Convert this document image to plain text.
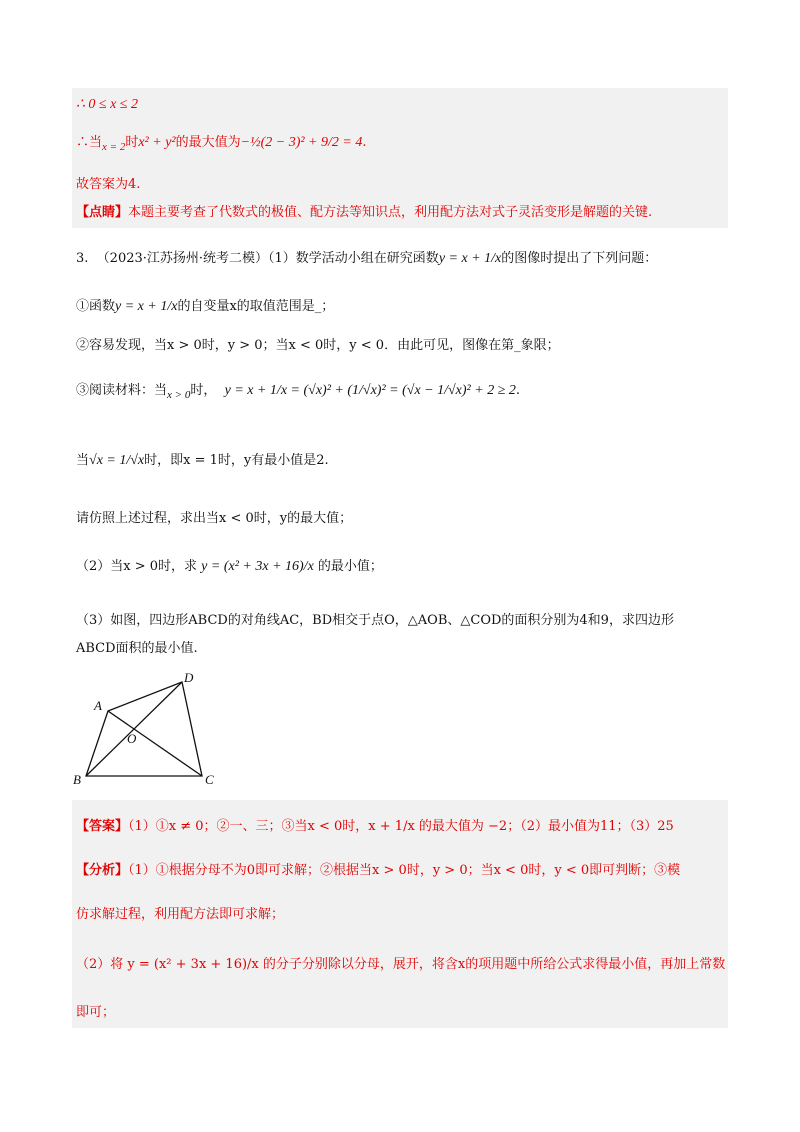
∴ 0 ≤ x ≤ 2
∴当$_{x = 2}$时x² + y²的最大值为−½(2 − 3)² + 9/2 = 4.
故答案为4.
【点睛】本题主要考查了代数式的极值、配方法等知识点，利用配方法对式子灵活变形是解题的关键.
3. （2023·江苏扬州·统考二模）（1）数学活动小组在研究函数y = x + 1/x的图像时提出了下列问题：
①函数y = x + 1/x的自变量x的取值范围是_；
②容易发现，当x > 0时，y > 0；当x < 0时，y < 0．由此可见，图像在第_象限；
③阅读材料：当$_{x > 0}$时， y = x + 1/x = (√x)² + (1/√x)² = (√x − 1/√x)² + 2 ≥ 2.
当√x = 1/√x时，即x = 1时，y有最小值是2.
请仿照上述过程，求出当x < 0时，y的最大值；
（2）当x > 0时，求 y = (x² + 3x + 16)/x 的最小值；
（3）如图，四边形ABCD的对角线AC，BD相交于点O，△AOB、△COD的面积分别为4和9，求四边形
ABCD面积的最小值.
A
B	C
D
O
【答案】（1）①x ≠ 0；②一、三；③当x < 0时，x + 1/x 的最大值为 −2；（2）最小值为11；（3）25
【分析】（1）①根据分母不为0即可求解；②根据当x > 0时，y > 0；当x < 0时，y < 0即可判断；③模
仿求解过程，利用配方法即可求解；
（2）将 y = (x² + 3x + 16)/x 的分子分别除以分母，展开，将含x的项用题中所给公式求得最小值，再加上常数
即可；
